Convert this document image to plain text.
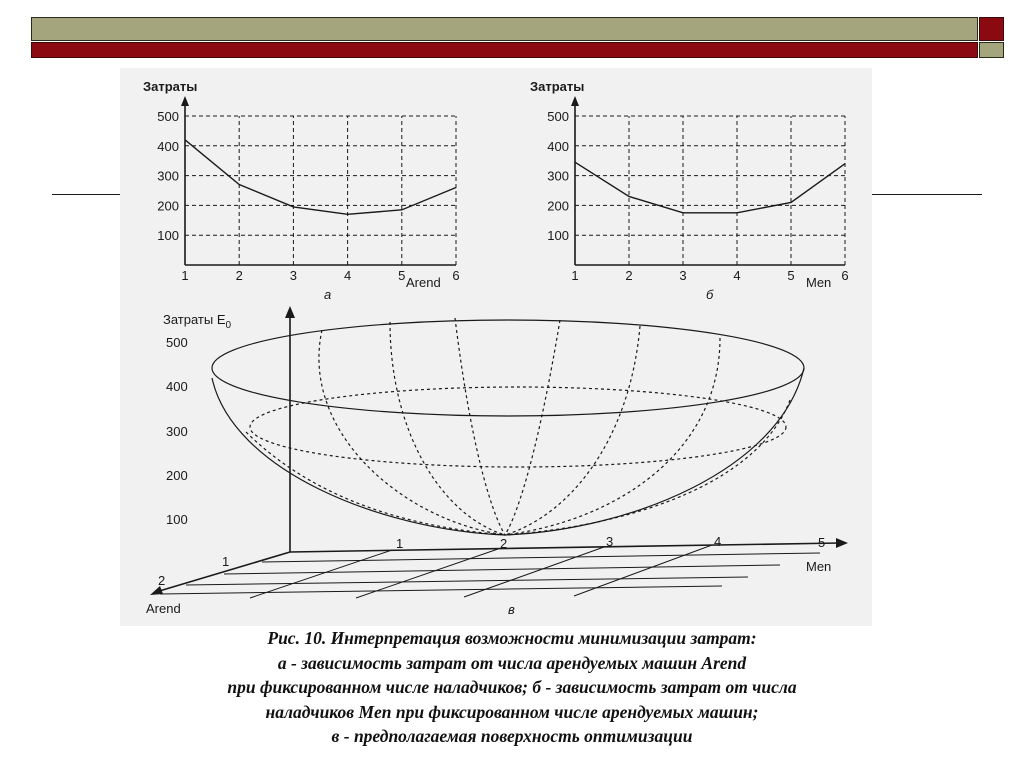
Затраты
100
200
300
400
500
1	2	3	4	5	6
Arend
а
Затраты
100
200
300
400
500
1	2	3	4	5	6
Men
б
Затраты $E_0$
500
400
300
200
100
1	2	3	4	5
Men
1
2
Arend	в
Рис. 10. Интерпретация возможности минимизации затрат:
а - зависимость затрат от числа арендуемых машин Arend
при фиксированном числе наладчиков; б - зависимость затрат от числа
наладчиков Men при фиксированном числе арендуемых машин;
в - предполагаемая поверхность оптимизации
